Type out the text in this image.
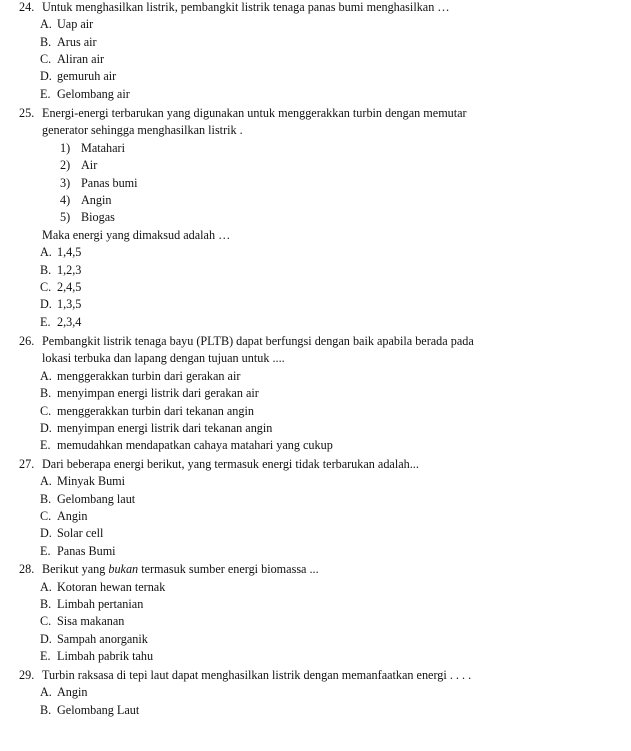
24. Untuk menghasilkan listrik, pembangkit listrik tenaga panas bumi menghasilkan …
A. Uap air
B. Arus air
C. Aliran air
D. gemuruh air
E. Gelombang air
25. Energi-energi terbarukan yang digunakan untuk menggerakkan turbin dengan memutar
generator sehingga menghasilkan listrik .
1) Matahari
2) Air
3) Panas bumi
4) Angin
5) Biogas
Maka energi yang dimaksud adalah …
A. 1,4,5
B. 1,2,3
C. 2,4,5
D. 1,3,5
E. 2,3,4
26. Pembangkit listrik tenaga bayu (PLTB) dapat berfungsi dengan baik apabila berada pada
lokasi terbuka dan lapang dengan tujuan untuk ....
A. menggerakkan turbin dari gerakan air
B. menyimpan energi listrik dari gerakan air
C. menggerakkan turbin dari tekanan angin
D. menyimpan energi listrik dari tekanan angin
E. memudahkan mendapatkan cahaya matahari yang cukup
27. Dari beberapa energi berikut, yang termasuk energi tidak terbarukan adalah...
A. Minyak Bumi
B. Gelombang laut
C. Angin
D. Solar cell
E. Panas Bumi
28. Berikut yang bukan termasuk sumber energi biomassa ...
A. Kotoran hewan ternak
B. Limbah pertanian
C. Sisa makanan
D. Sampah anorganik
E. Limbah pabrik tahu
29. Turbin raksasa di tepi laut dapat menghasilkan listrik dengan memanfaatkan energi . . . .
A. Angin
B. Gelombang Laut
